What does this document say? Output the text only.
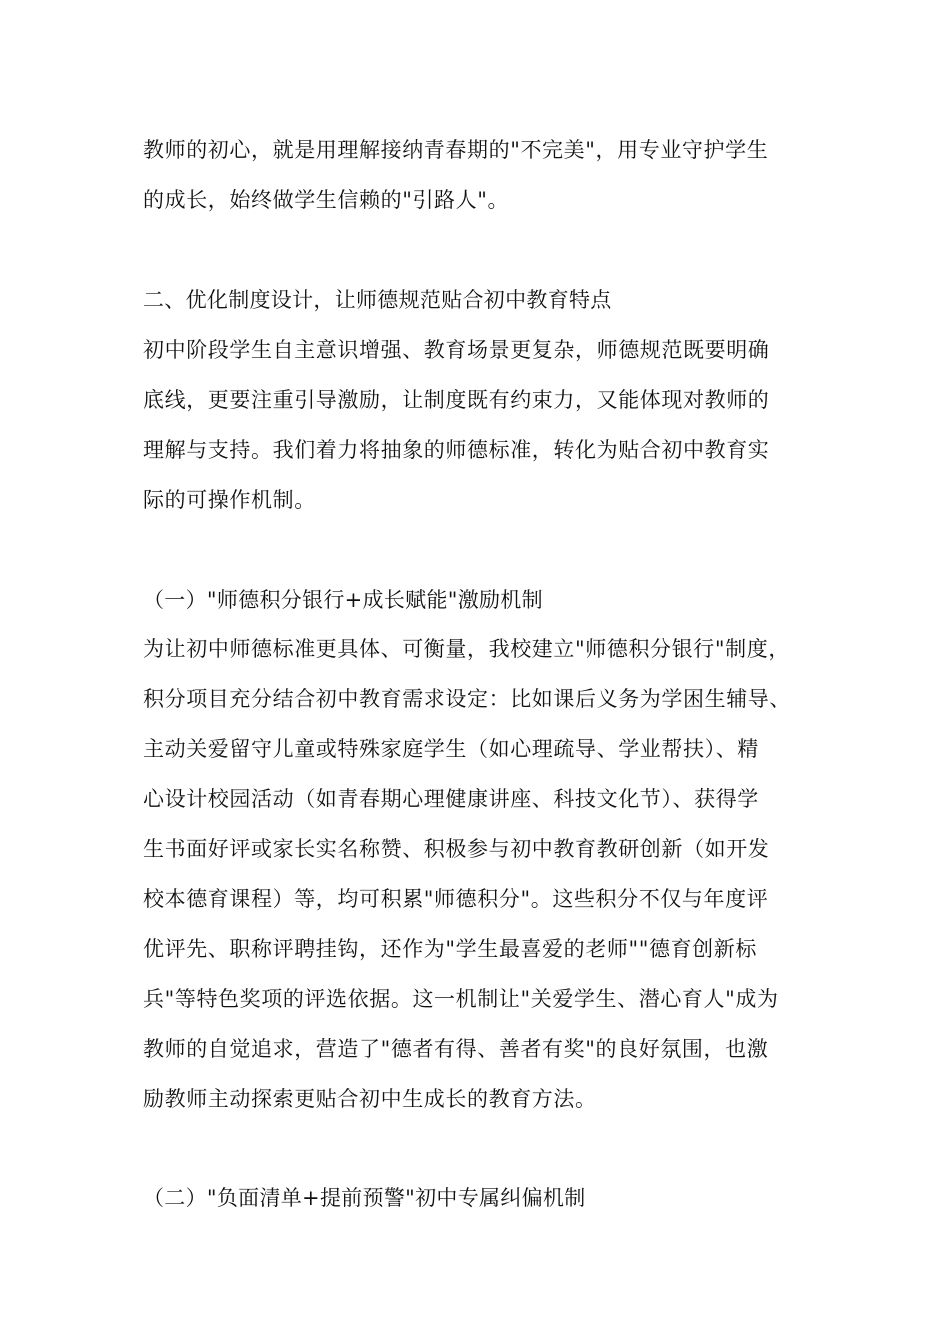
教师的初心，就是用理解接纳青春期的"不完美"，用专业守护学生
的成长，始终做学生信赖的"引路人"。
二、优化制度设计，让师德规范贴合初中教育特点
初中阶段学生自主意识增强、教育场景更复杂，师德规范既要明确
底线，更要注重引导激励，让制度既有约束力，又能体现对教师的
理解与支持。我们着力将抽象的师德标准，转化为贴合初中教育实
际的可操作机制。
（一）"师德积分银行+成长赋能"激励机制
为让初中师德标准更具体、可衡量，我校建立"师德积分银行"制度，
积分项目充分结合初中教育需求设定：比如课后义务为学困生辅导、
主动关爱留守儿童或特殊家庭学生（如心理疏导、学业帮扶）、精
心设计校园活动（如青春期心理健康讲座、科技文化节）、获得学
生书面好评或家长实名称赞、积极参与初中教育教研创新（如开发
校本德育课程）等，均可积累"师德积分"。这些积分不仅与年度评
优评先、职称评聘挂钩，还作为"学生最喜爱的老师""德育创新标
兵"等特色奖项的评选依据。这一机制让"关爱学生、潜心育人"成为
教师的自觉追求，营造了"德者有得、善者有奖"的良好氛围，也激
励教师主动探索更贴合初中生成长的教育方法。
（二）"负面清单+提前预警"初中专属纠偏机制
